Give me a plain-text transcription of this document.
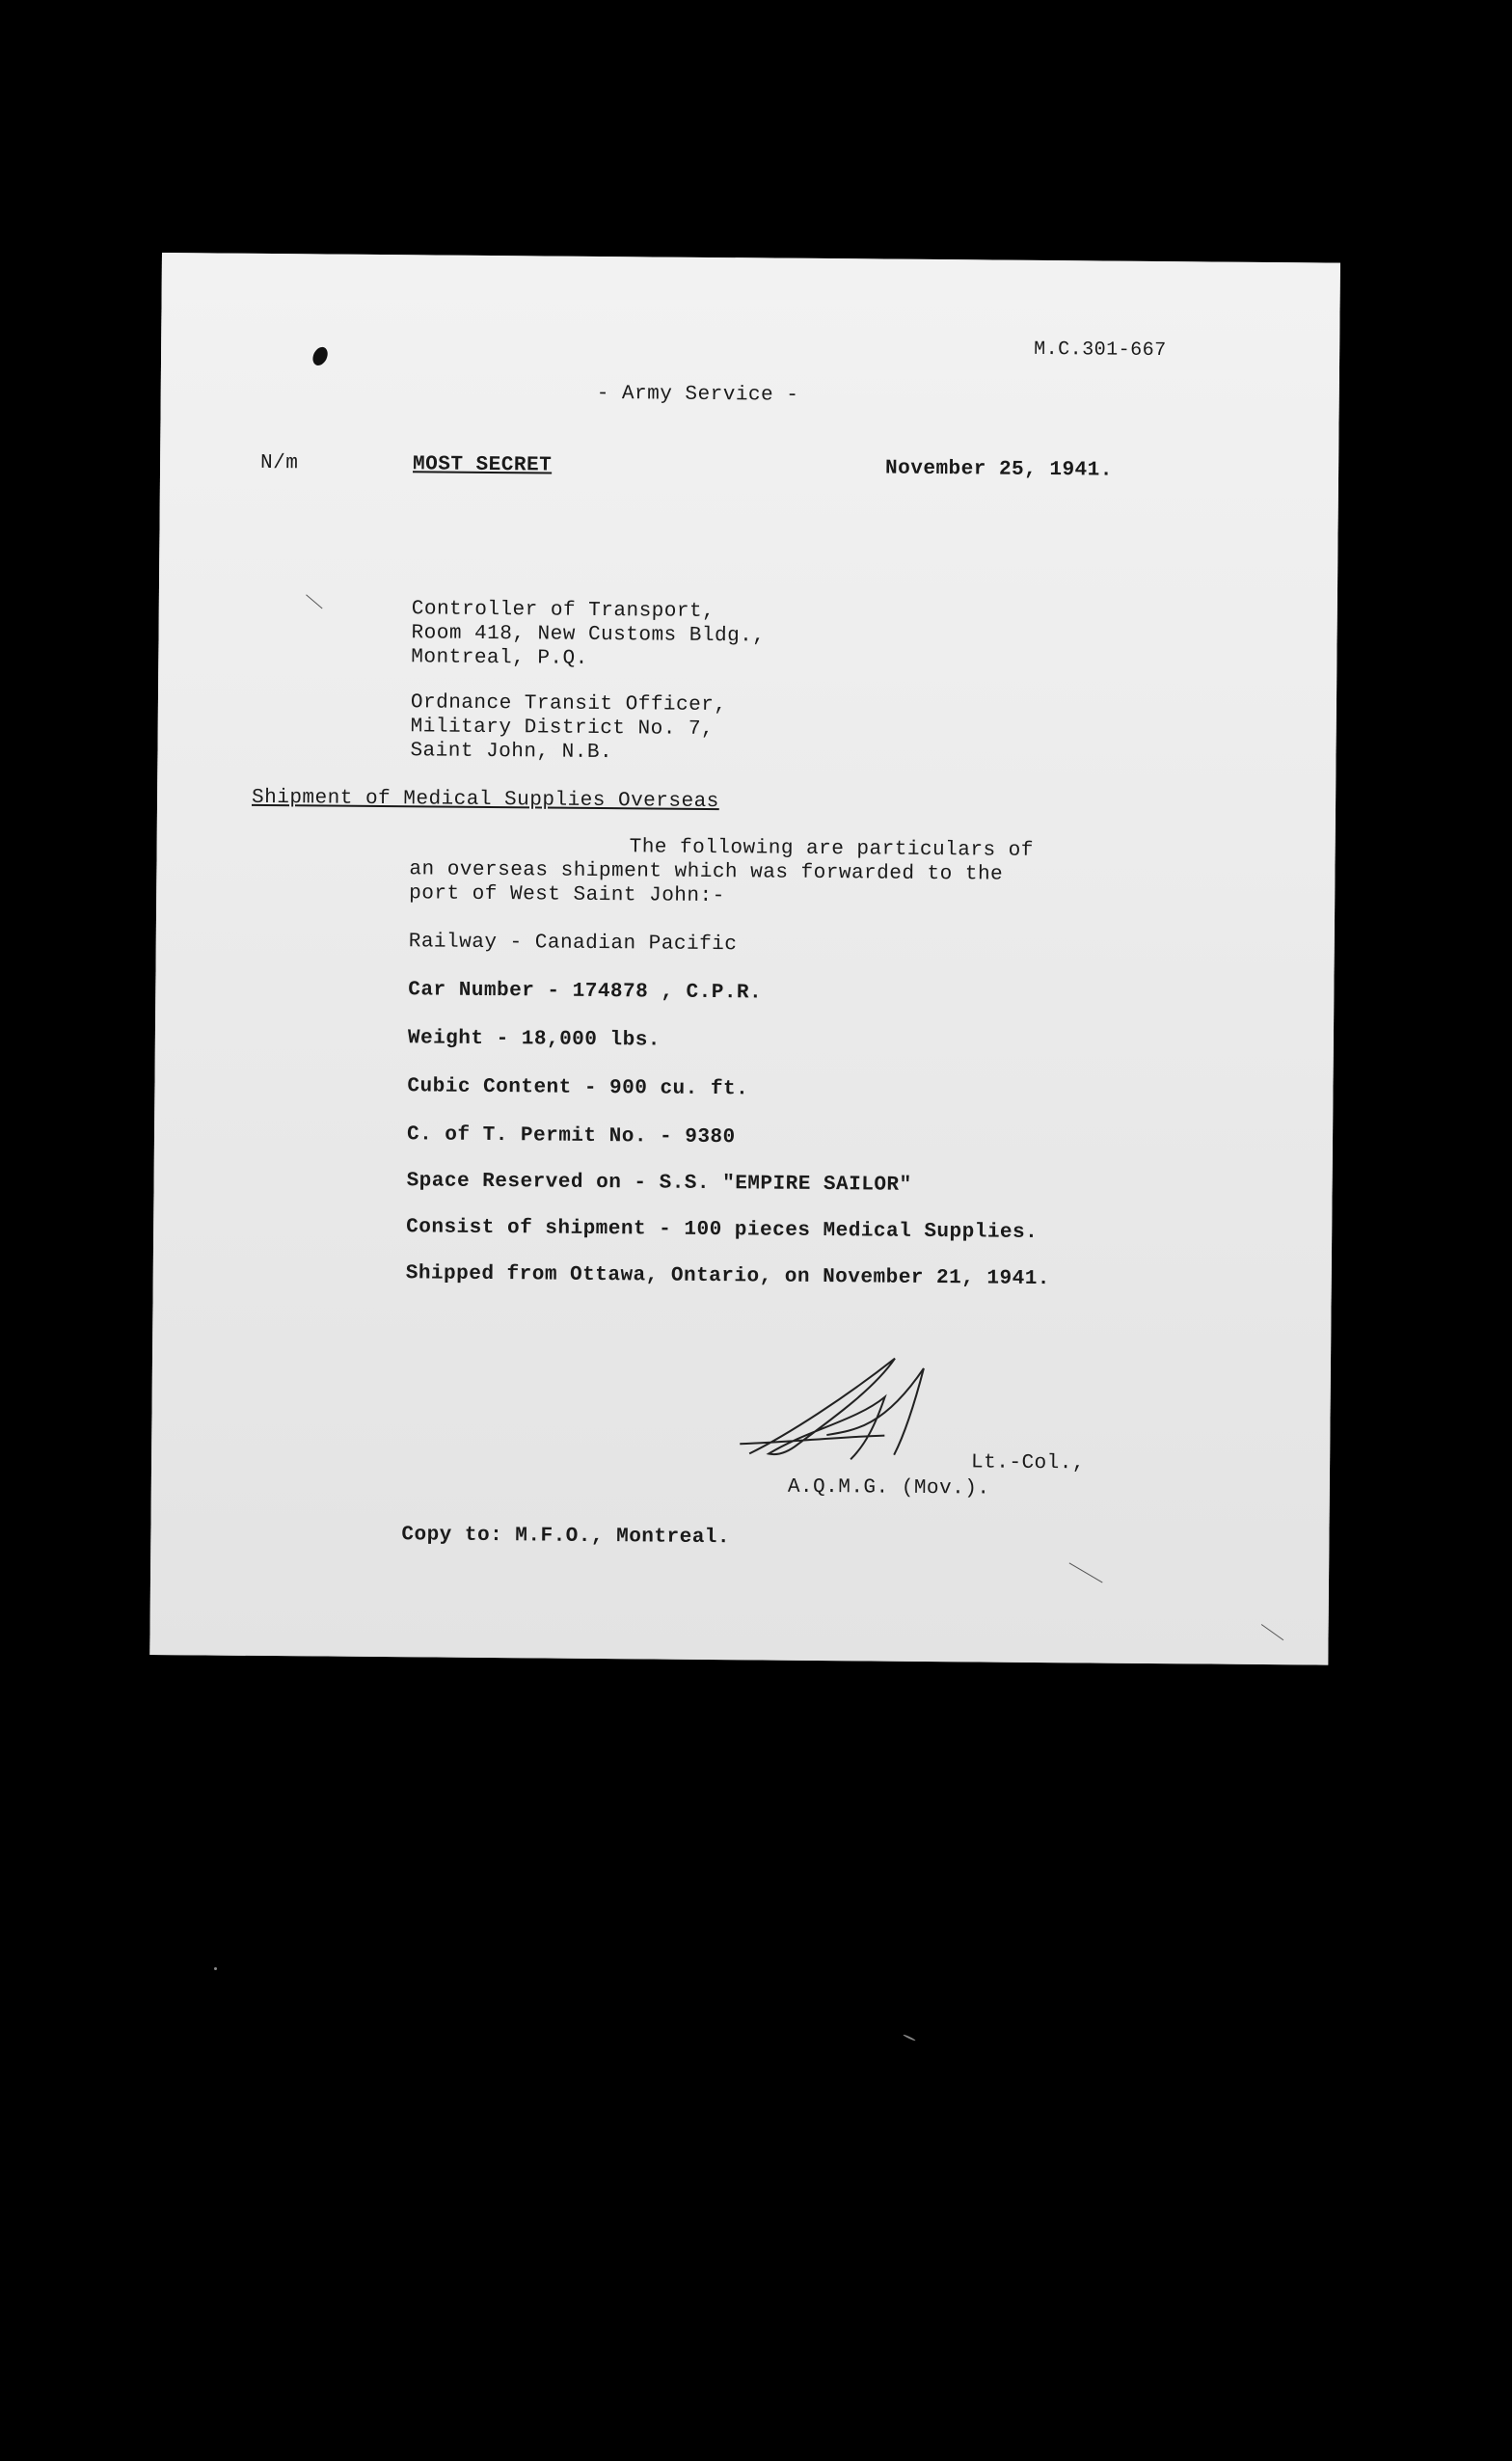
M.C.301-667
- Army Service -
N/m	MOST SECRET	November 25, 1941.
Controller of Transport,
Room 418, New Customs Bldg.,
Montreal, P.Q.
Ordnance Transit Officer,
Military District No. 7,
Saint John, N.B.
Shipment of Medical Supplies Overseas
The following are particulars of
an overseas shipment which was forwarded to the
port of West Saint John:-
Railway - Canadian Pacific
Car Number - 174878 , C.P.R.
Weight - 18,000 lbs.
Cubic Content - 900 cu. ft.
C. of T. Permit No. - 9380
Space Reserved on - S.S. "EMPIRE SAILOR"
Consist of shipment - 100 pieces Medical Supplies.
Shipped from Ottawa, Ontario, on November 21, 1941.
Lt.-Col.,
A.Q.M.G. (Mov.).
Copy to: M.F.O., Montreal.
